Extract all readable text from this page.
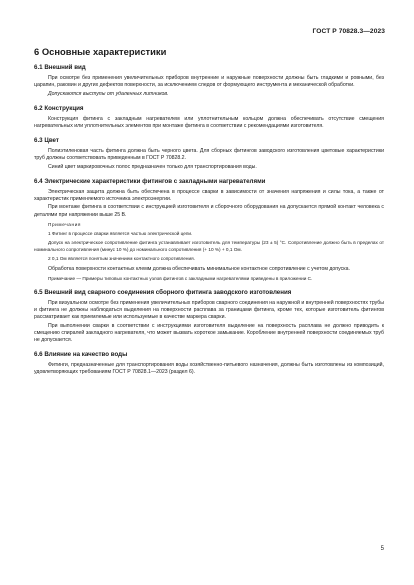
ГОСТ Р 70828.3—2023
6 Основные характеристики
6.1 Внешний вид

При осмотре без применения увеличительных приборов внутренние и наружные поверхности должны быть гладкими и ровными, без царапин, раковин и других дефектов поверхности, за исключением следов от формующего инструмента и механической обработки.

Допускаются выступы от удаленных литников.

6.2 Конструкция

Конструкция фитинга с закладным нагревателем или уплотнительным кольцом должна обеспечивать отсутствие смещения нагревательных или уплотнительных элементов при монтаже фитинга в соответствии с рекомендациями изготовителя.

6.3 Цвет

Полиэтиленовая часть фитинга должна быть черного цвета. Для сборных фитингов заводского изготовления цветовые характеристики труб должны соответствовать приведенным в ГОСТ Р 70828.2.

Синий цвет маркировочных полос предназначен только для транспортирования воды.

6.4 Электрические характеристики фитингов с закладными нагревателями

Электрическая защита должна быть обеспечена в процессе сварки в зависимости от значения напряжения и силы тока, а также от характеристик применяемого источника электроэнергии.

При монтаже фитинга в соответствии с инструкцией изготовителя и сборочного оборудования на допускается прямой контакт человека с деталями при напряжении выше 25 В.

Примечания

1 Фитинг в процессе сварки является частью электрической цепи.

Допуск на электрическое сопротивление фитинга устанавливает изготовитель для температуры (23 ± 5) °С. Сопротивление должно быть в пределах от номинального сопротивления (минус 10 %) до номинального сопротивления (+ 10 %) + 0,1 Ом.

2 0,1 Ом является понятым значением контактного сопротивления.

Обработка поверхности контактных клемм должна обеспечивать минимальное контактное сопротивление с учетом допуска.

Примечание — Примеры типовых контактных узлов фитингов с закладными нагревателями приведены в приложении С.

6.5 Внешний вид сварного соединения сборного фитинга заводского изготовления

При визуальном осмотре без применения увеличительных приборов сварного соединения на наружной и внутренней поверхностях трубы и фитинга не должны наблюдаться выделения на поверхности расплава за границами фитинга, кроме тех, которые изготовитель фитингов рассматривает как приемлемые или используемые в качестве маркера сварки.

При выполнении сварки в соответствии с инструкциями изготовителя выделение на поверхность расплава не должно приводить к смещению спиралей закладного нагревателя, что может вызвать короткое замыкание. Коробление внутренней поверхности соединяемых труб не допускается.

6.6 Влияние на качество воды

Фитинги, предназначенные для транспортирования воды хозяйственно-питьевого назначения, должны быть изготовлены из композиций, удовлетворяющих требованиям ГОСТ Р 70828.1—2023 (раздел 6).

5
